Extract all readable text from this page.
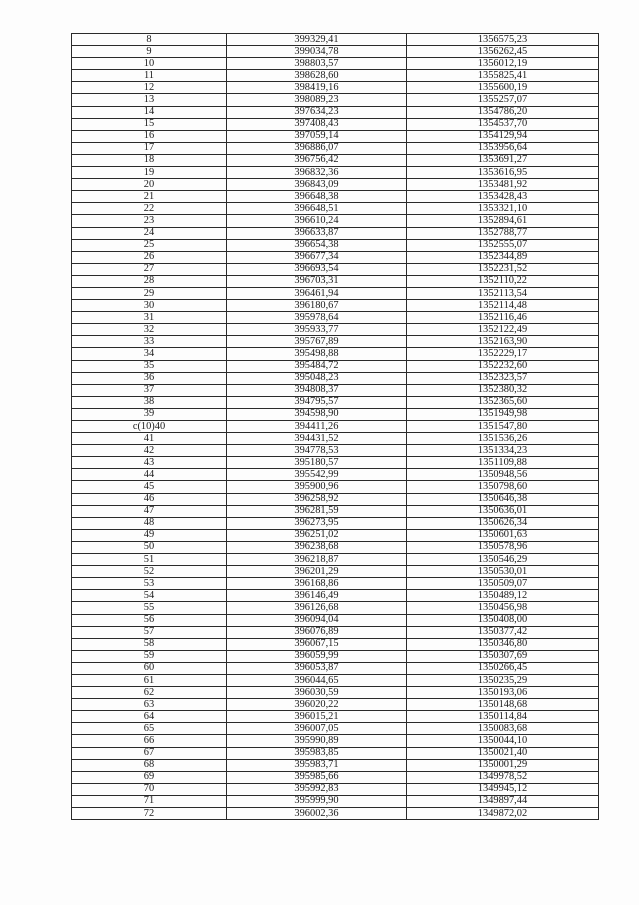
8	399329,41	1356575,23
9	399034,78	1356262,45
10	398803,57	1356012,19
11	398628,60	1355825,41
12	398419,16	1355600,19
13	398089,23	1355257,07
14	397634,23	1354786,20
15	397408,43	1354537,70
16	397059,14	1354129,94
17	396886,07	1353956,64
18	396756,42	1353691,27
19	396832,36	1353616,95
20	396843,09	1353481,92
21	396648,38	1353428,43
22	396648,51	1353321,10
23	396610,24	1352894,61
24	396633,87	1352788,77
25	396654,38	1352555,07
26	396677,34	1352344,89
27	396693,54	1352231,52
28	396703,31	1352110,22
29	396461,94	1352113,54
30	396180,67	1352114,48
31	395978,64	1352116,46
32	395933,77	1352122,49
33	395767,89	1352163,90
34	395498,88	1352229,17
35	395484,72	1352232,60
36	395048,23	1352323,57
37	394808,37	1352380,32
38	394795,57	1352365,60
39	394598,90	1351949,98
c(10)40	394411,26	1351547,80
41	394431,52	1351536,26
42	394778,53	1351334,23
43	395180,57	1351109,88
44	395542,99	1350948,56
45	395900,96	1350798,60
46	396258,92	1350646,38
47	396281,59	1350636,01
48	396273,95	1350626,34
49	396251,02	1350601,63
50	396238,68	1350578,96
51	396218,87	1350546,29
52	396201,29	1350530,01
53	396168,86	1350509,07
54	396146,49	1350489,12
55	396126,68	1350456,98
56	396094,04	1350408,00
57	396076,89	1350377,42
58	396067,15	1350346,80
59	396059,99	1350307,69
60	396053,87	1350266,45
61	396044,65	1350235,29
62	396030,59	1350193,06
63	396020,22	1350148,68
64	396015,21	1350114,84
65	396007,05	1350083,68
66	395990,89	1350044,10
67	395983,85	1350021,40
68	395983,71	1350001,29
69	395985,66	1349978,52
70	395992,83	1349945,12
71	395999,90	1349897,44
72	396002,36	1349872,02
